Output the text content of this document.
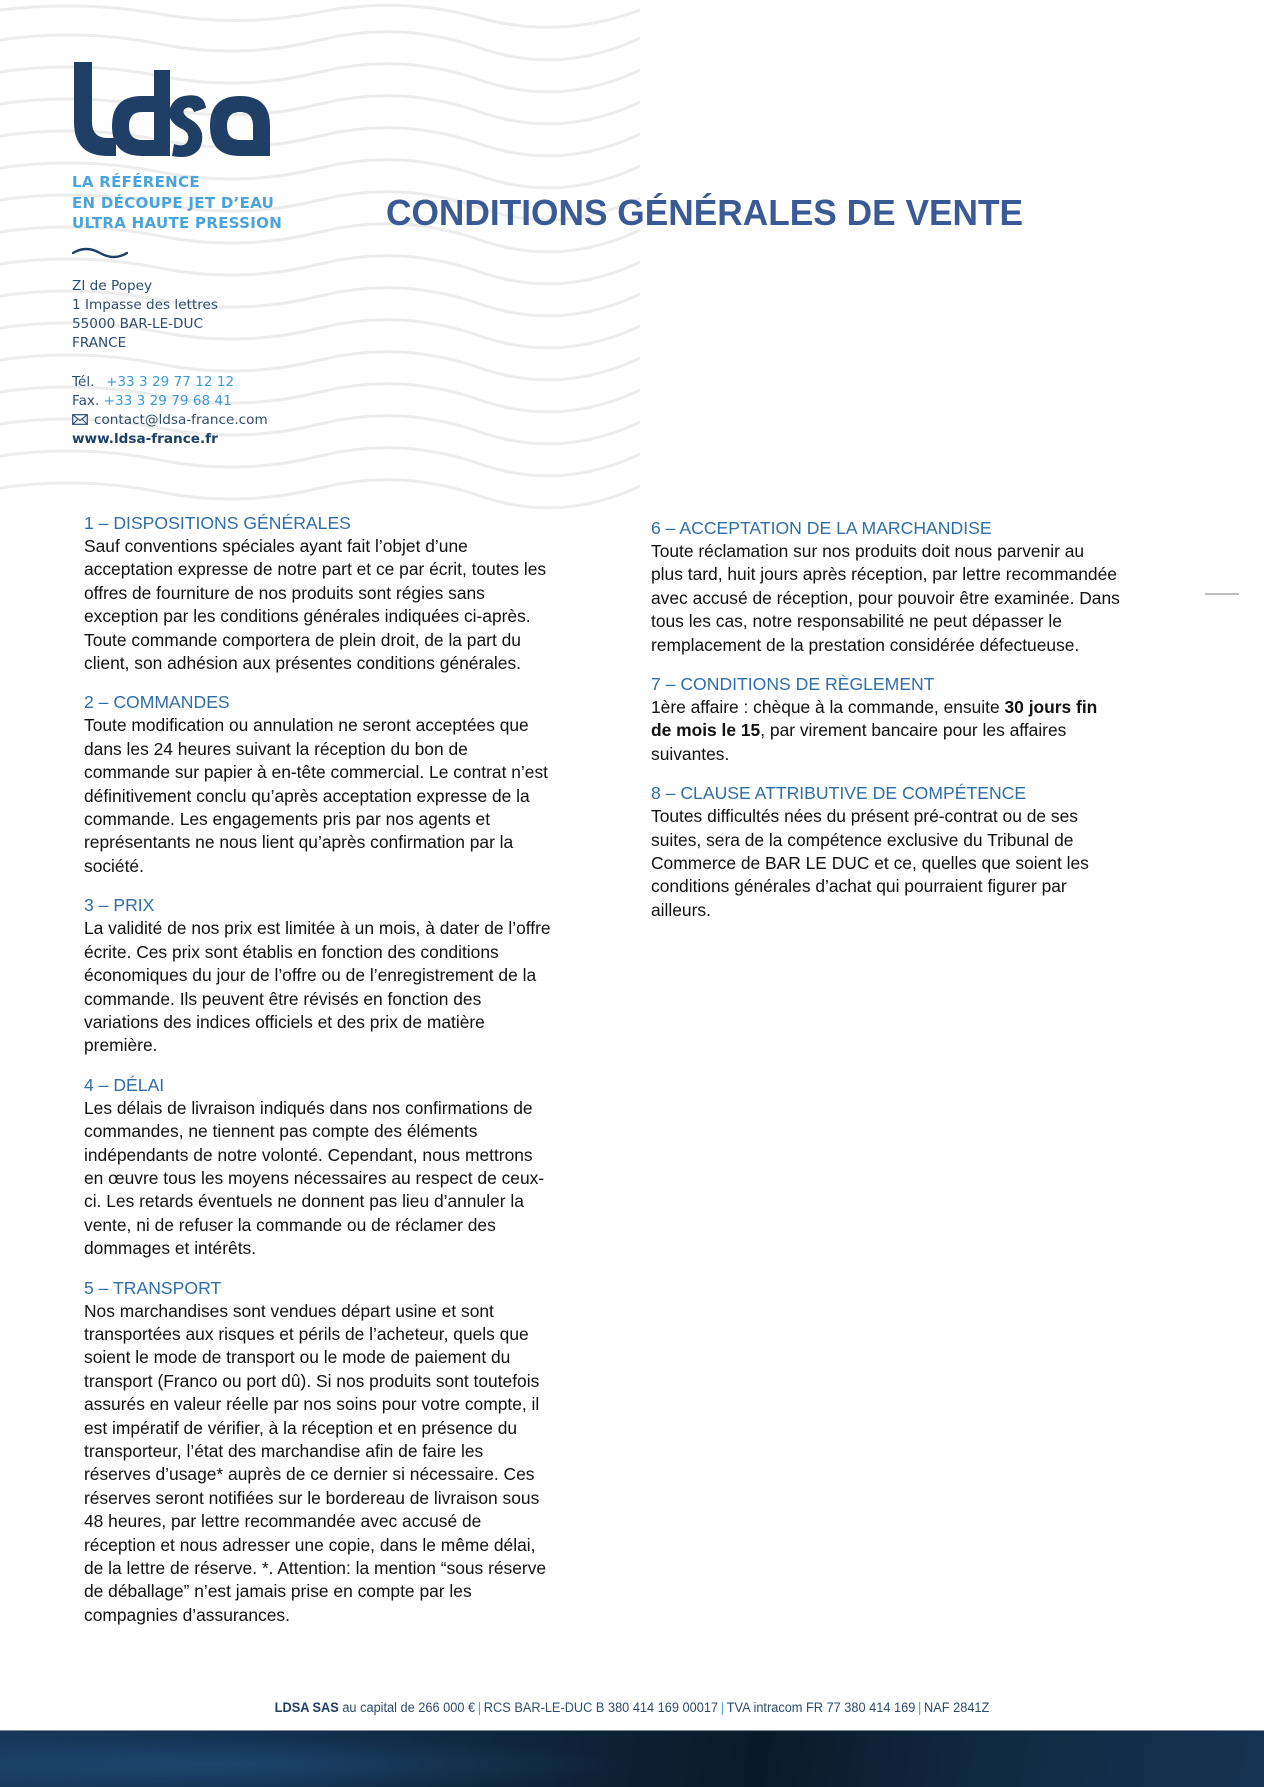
LA RÉFÉRENCE
EN DÉCOUPE JET D’EAU
ULTRA HAUTE PRESSION
ZI de Popey
1 Impasse des lettres
55000 BAR-LE-DUC
FRANCE
Tél. +33 3 29 77 12 12
Fax. +33 3 29 79 68 41
contact@ldsa-france.com
www.ldsa-france.fr
CONDITIONS GÉNÉRALES DE VENTE
1 – DISPOSITIONS GÉNÉRALES

Sauf conventions spéciales ayant fait l’objet d’une
acceptation expresse de notre part et ce par écrit, toutes les
offres de fourniture de nos produits sont régies sans
exception par les conditions générales indiquées ci-après.
Toute commande comportera de plein droit, de la part du
client, son adhésion aux présentes conditions générales.

2 – COMMANDES

Toute modification ou annulation ne seront acceptées que
dans les 24 heures suivant la réception du bon de
commande sur papier à en-tête commercial. Le contrat n’est
définitivement conclu qu’après acceptation expresse de la
commande. Les engagements pris par nos agents et
représentants ne nous lient qu’après confirmation par la
société.

3 – PRIX

La validité de nos prix est limitée à un mois, à dater de l’offre
écrite. Ces prix sont établis en fonction des conditions
économiques du jour de l’offre ou de l’enregistrement de la
commande. Ils peuvent être révisés en fonction des
variations des indices officiels et des prix de matière
première.

4 – DÉLAI

Les délais de livraison indiqués dans nos confirmations de
commandes, ne tiennent pas compte des éléments
indépendants de notre volonté. Cependant, nous mettrons
en œuvre tous les moyens nécessaires au respect de ceux-
ci. Les retards éventuels ne donnent pas lieu d’annuler la
vente, ni de refuser la commande ou de réclamer des
dommages et intérêts.

5 – TRANSPORT

Nos marchandises sont vendues départ usine et sont
transportées aux risques et périls de l’acheteur, quels que
soient le mode de transport ou le mode de paiement du
transport (Franco ou port dû). Si nos produits sont toutefois
assurés en valeur réelle par nos soins pour votre compte, il
est impératif de vérifier, à la réception et en présence du
transporteur, l’état des marchandise afin de faire les
réserves d’usage* auprès de ce dernier si nécessaire. Ces
réserves seront notifiées sur le bordereau de livraison sous
48 heures, par lettre recommandée avec accusé de
réception et nous adresser une copie, dans le même délai,
de la lettre de réserve. *. Attention: la mention “sous réserve
de déballage” n’est jamais prise en compte par les
compagnies d’assurances.

6 – ACCEPTATION DE LA MARCHANDISE

Toute réclamation sur nos produits doit nous parvenir au
plus tard, huit jours après réception, par lettre recommandée
avec accusé de réception, pour pouvoir être examinée. Dans
tous les cas, notre responsabilité ne peut dépasser le
remplacement de la prestation considérée défectueuse.

7 – CONDITIONS DE RÈGLEMENT

1ère affaire : chèque à la commande, ensuite 30 jours fin
de mois le 15, par virement bancaire pour les affaires
suivantes.

8 – CLAUSE ATTRIBUTIVE DE COMPÉTENCE

Toutes difficultés nées du présent pré-contrat ou de ses
suites, sera de la compétence exclusive du Tribunal de
Commerce de BAR LE DUC et ce, quelles que soient les
conditions générales d’achat qui pourraient figurer par
ailleurs.

LDSA SAS au capital de 266 000 € | RCS BAR-LE-DUC B 380 414 169 00017 | TVA intracom FR 77 380 414 169 | NAF 2841Z
